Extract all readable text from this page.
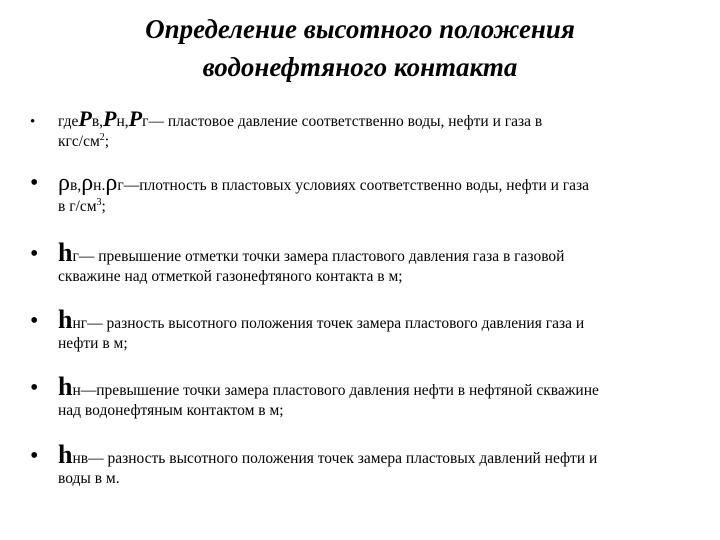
Определение высотного положения
водонефтяного контакта
•	где P в , P н , P г — пластовое давление соответственно воды, нефти и газа в
кгс/$см^2$;
• ρ в , ρ н . ρ г —плотность в пластовых условиях соответственно воды, нефти и газа
в $г/см^3$;
• h г — превышение отметки точки замера пластового давления газа в газовой
скважине над отметкой газонефтяного контакта в м;
• h нг — разность высотного положения точек замера пластового давления газа и
нефти в м;
• h н —превышение точки замера пластового давления нефти в нефтяной скважине
над водонефтяным контактом в м;
• h нв — разность высотного положения точек замера пластовых давлений нефти и
воды в м.
